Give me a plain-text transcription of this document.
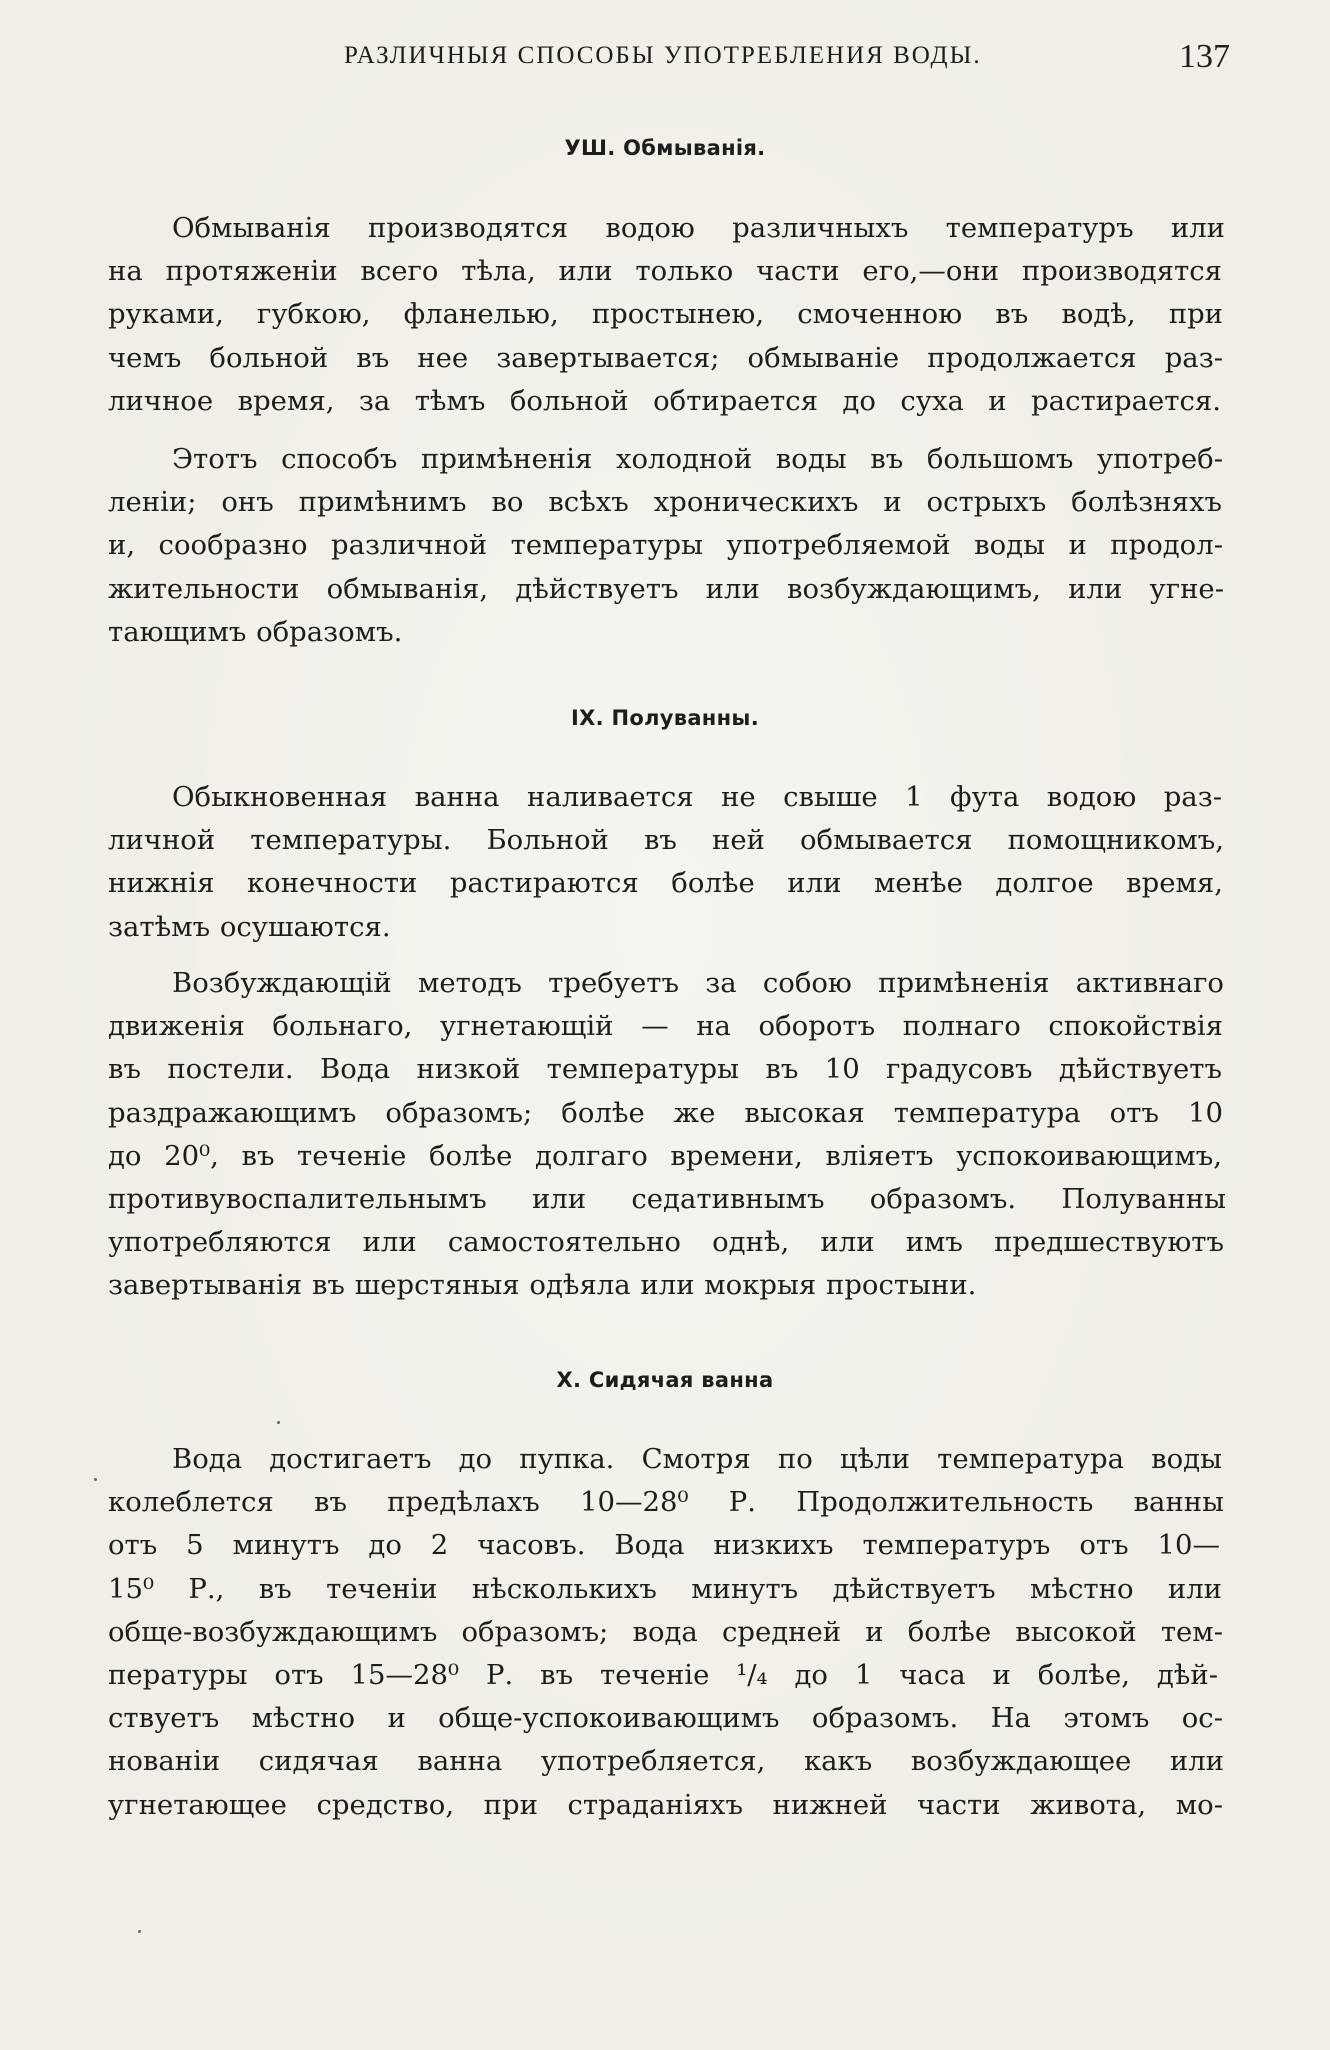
РАЗЛИЧНЫЯ СПОСОБЫ УПОТРЕБЛЕНИЯ ВОДЫ.	137
УШ. Обмыванія.
Обмыванія производятся водою различныхъ температуръ или
на протяженіи всего тѣла, или только части его,—они производятся
руками, губкою, фланелью, простынею, смоченною въ водѣ, при
чемъ больной въ нее завертывается; обмываніе продолжается раз-
личное время, за тѣмъ больной обтирается до суха и растирается.
Этотъ способъ примѣненія холодной воды въ большомъ употреб-
леніи; онъ примѣнимъ во всѣхъ хроническихъ и острыхъ болѣзняхъ
и, сообразно различной температуры употребляемой воды и продол-
жительности обмыванія, дѣйствуетъ или возбуждающимъ, или угне-
тающимъ образомъ.
IX. Полуванны.
Обыкновенная ванна наливается не свыше 1 фута водою раз-
личной температуры. Больной въ ней обмывается помощникомъ,
нижнія конечности растираются болѣе или менѣе долгое время,
затѣмъ осушаются.
Возбуждающій методъ требуетъ за собою примѣненія активнаго
движенія больнаго, угнетающій — на оборотъ полнаго спокойствія
въ постели. Вода низкой температуры въ 10 градусовъ дѣйствуетъ
раздражающимъ образомъ; болѣе же высокая температура отъ 10
до 20⁰, въ теченіе болѣе долгаго времени, вліяетъ успокоивающимъ,
противувоспалительнымъ или седативнымъ образомъ. Полуванны
употребляются или самостоятельно однѣ, или имъ предшествуютъ
завертыванія въ шерстяныя одѣяла или мокрыя простыни.
X. Сидячая ванна
Вода достигаетъ до пупка. Смотря по цѣли температура воды
колеблется въ предѣлахъ 10—28⁰ Р. Продолжительность ванны
отъ 5 минутъ до 2 часовъ. Вода низкихъ температуръ отъ 10—
15⁰ Р., въ теченіи нѣсколькихъ минутъ дѣйствуетъ мѣстно или
обще-возбуждающимъ образомъ; вода средней и болѣе высокой тем-
пературы отъ 15—28⁰ Р. въ теченіе ¹/₄ до 1 часа и болѣе, дѣй-
ствуетъ мѣстно и обще-успокоивающимъ образомъ. На этомъ ос-
нованіи сидячая ванна употребляется, какъ возбуждающее или
угнетающее средство, при страданіяхъ нижней части живота, мо-
